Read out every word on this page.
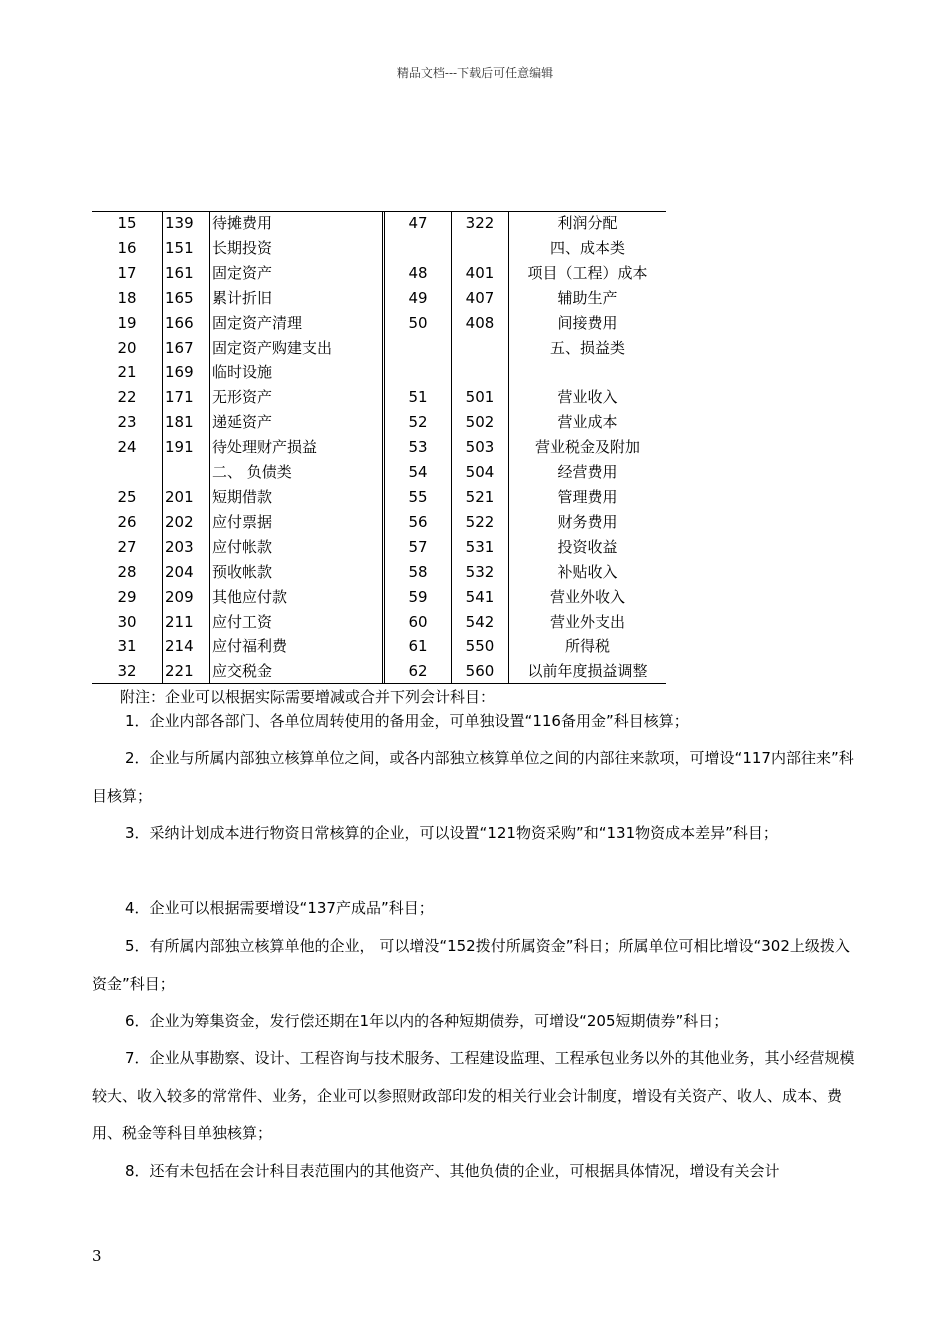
精品文档---下载后可任意编辑
15	139	待摊费用	47	322	利润分配
16	151	长期投资			四、成本类
17	161	固定资产	48	401	项目（工程）成本
18	165	累计折旧	49	407	辅助生产
19	166	固定资产清理	50	408	间接费用
20	167	固定资产购建支出			五、损益类
21	169	临时设施			
22	171	无形资产	51	501	营业收入
23	181	递延资产	52	502	营业成本
24	191	待处理财产损益	53	503	营业税金及附加
		二、 负债类	54	504	经营费用
25	201	短期借款	55	521	管理费用
26	202	应付票据	56	522	财务费用
27	203	应付帐款	57	531	投资收益
28	204	预收帐款	58	532	补贴收入
29	209	其他应付款	59	541	营业外收入
30	211	应付工资	60	542	营业外支出
31	214	应付福利费	61	550	所得税
32	221	应交税金	62	560	以前年度损益调整
附注：企业可以根据实际需要增减或合并下列会计科目：
1．企业内部各部门、各单位周转使用的备用金，可单独设置“116备用金”科目核算；
2．企业与所属内部独立核算单位之间，或各内部独立核算单位之间的内部往来款项，可增设“117内部往来”科目核算；
3．采纳计划成本进行物资日常核算的企业，可以设置“121物资采购”和“131物资成本差异”科目；
4．企业可以根据需要增设“137产成品”科目；
5．有所属内部独立核算单他的企业， 可以增没“152拨付所属资金”科日；所属单位可相比增设“302上级拨入资金”科目；
6．企业为筹集资金，发行偿还期在1年以内的各种短期债券，可增设“205短期债券”科日；
7．企业从事勘察、设计、工程咨询与技术服务、工程建设监理、工程承包业务以外的其他业务，其小经营规模较大、收入较多的常常件、业务，企业可以参照财政部印发的相关行业会计制度，增设有关资产、收人、成本、费用、税金等科目单独核算；
8．还有未包括在会计科目表范围内的其他资产、其他负债的企业，可根据具体情况，增设有关会计
3
